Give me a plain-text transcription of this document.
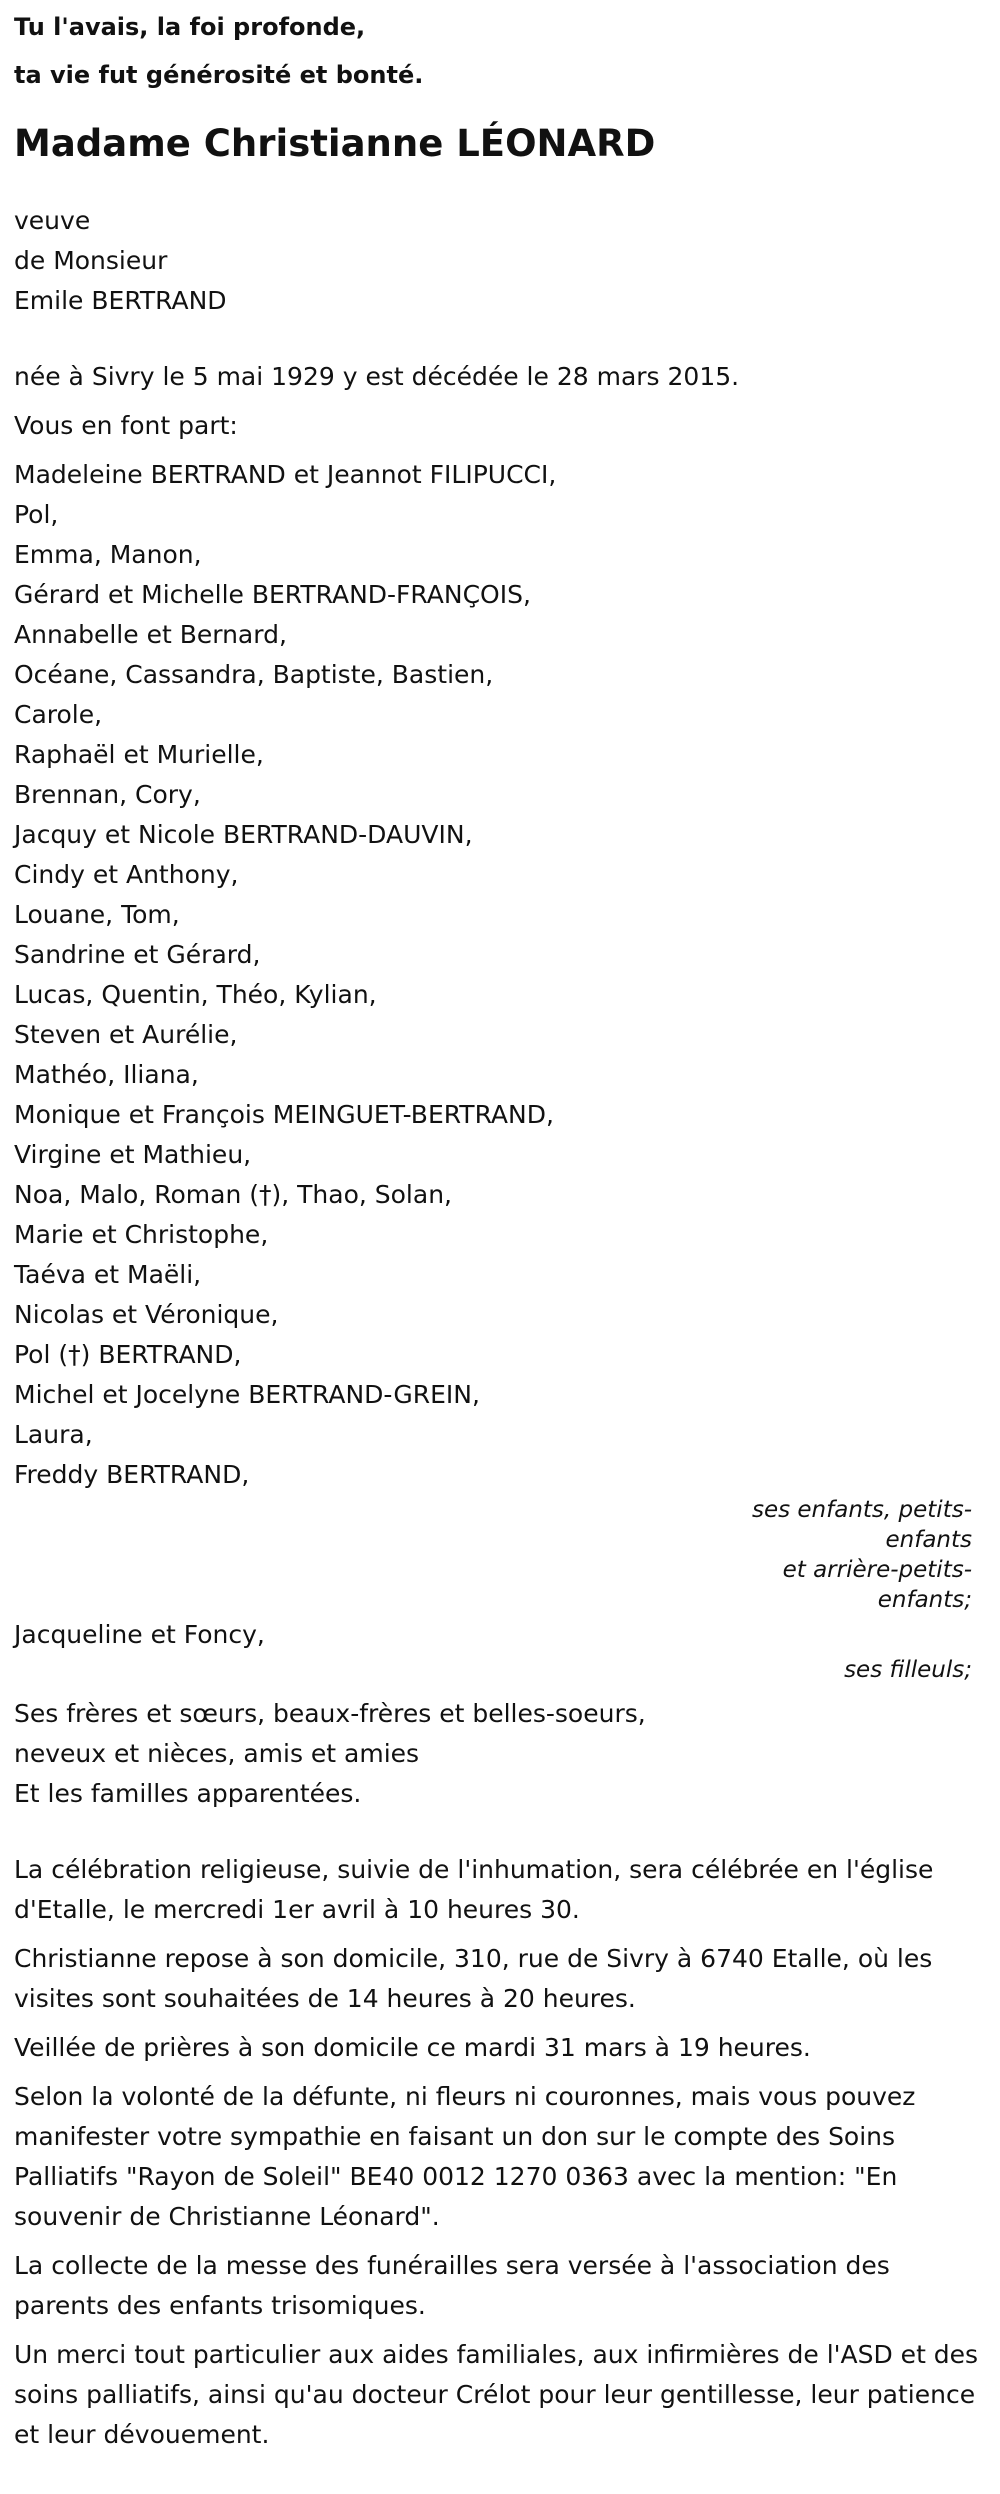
Tu l'avais, la foi profonde,
ta vie fut générosité et bonté.
Madame Christianne LÉONARD
veuve
de Monsieur
Emile BERTRAND
née à Sivry le 5 mai 1929 y est décédée le 28 mars 2015.
Vous en font part:
Madeleine BERTRAND et Jeannot FILIPUCCI,
Pol,
Emma, Manon,
Gérard et Michelle BERTRAND-FRANÇOIS,
Annabelle et Bernard,
Océane, Cassandra, Baptiste, Bastien,
Carole,
Raphaël et Murielle,
Brennan, Cory,
Jacquy et Nicole BERTRAND-DAUVIN,
Cindy et Anthony,
Louane, Tom,
Sandrine et Gérard,
Lucas, Quentin, Théo, Kylian,
Steven et Aurélie,
Mathéo, Iliana,
Monique et François MEINGUET-BERTRAND,
Virgine et Mathieu,
Noa, Malo, Roman (†), Thao, Solan,
Marie et Christophe,
Taéva et Maëli,
Nicolas et Véronique,
Pol (†) BERTRAND,
Michel et Jocelyne BERTRAND-GREIN,
Laura,
Freddy BERTRAND,
ses enfants, petits-enfants
et arrière-petits-enfants;
Jacqueline et Foncy,
ses filleuls;
Ses frères et sœurs, beaux-frères et belles-soeurs,
neveux et nièces, amis et amies
Et les familles apparentées.

La célébration religieuse, suivie de l'inhumation, sera célébrée en l'église d'Etalle, le mercredi 1er avril à 10 heures 30.

Christianne repose à son domicile, 310, rue de Sivry à 6740 Etalle, où les visites sont souhaitées de 14 heures à 20 heures.

Veillée de prières à son domicile ce mardi 31 mars à 19 heures.

Selon la volonté de la défunte, ni fleurs ni couronnes, mais vous pouvez manifester votre sympathie en faisant un don sur le compte des Soins Palliatifs "Rayon de Soleil" BE40 0012 1270 0363 avec la mention: "En souvenir de Christianne Léonard".

La collecte de la messe des funérailles sera versée à l'association des parents des enfants trisomiques.

Un merci tout particulier aux aides familiales, aux infirmières de l'ASD et des soins palliatifs, ainsi qu'au docteur Crélot pour leur gentillesse, leur patience et leur dévouement.
